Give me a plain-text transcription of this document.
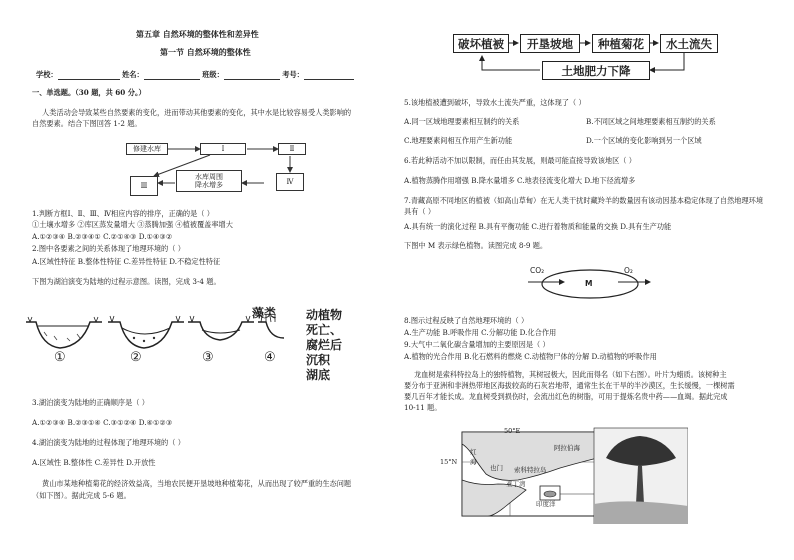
第五章 自然环境的整体性和差异性
第一节 自然环境的整体性
学校：	姓名：	班级：	考号：
一、单选题。（30 题，共 60 分。）
人类活动会导致某些自然要素的变化，进而带动其他要素的变化，其中水是比较容易受人类影响的
自然要素。结合下图回答 1-2 题。
修建水库	Ⅰ	Ⅱ
Ⅲ
水库周围
降水增多	Ⅳ
1.判断方框Ⅰ、Ⅱ、Ⅲ、Ⅳ相应内容的排序，正确的是（ ）
①土壤水增多 ②库区蒸发量增大 ③蒸腾加强 ④植被覆盖率增大
A.①②③④ B.②③④① C.②①④③ D.①④③②
2.图中各要素之间的关系体现了地理环境的（ ）
A.区域性特征 B.整体性特征 C.差异性特征 D.不稳定性特征
下图为湖泊演变为陆地的过程示意图。读图，完成 3-4 题。
藻类 动植物
死亡、
腐烂后
沉积
湖底
①	②	③	④
3.湖泊演变为陆地的正确顺序是（ ）
A.①②③④ B.②③①④ C.③①②④ D.④①②③
4.湖泊演变为陆地的过程体现了地理环境的（ ）
A.区域性 B.整体性 C.差异性 D.开放性
黄山市某地种植菊花的经济效益高，当地农民便开垦坡地种植菊花，从而出现了较严重的生态问题
（如下图）。据此完成 5-6 题。
破坏植被	开垦坡地	种植菊花	水土流失
土地肥力下降
5.该地植被遭到破坏，导致水土流失严重，这体现了（ ）
A.同一区域地理要素相互制约的关系	B.不同区域之间地理要素相互制约的关系
C.地理要素间相互作用产生新功能	D.一个区域的变化影响到另一个区域
6.若此种活动不加以限制，而任由其发展，则最可能直接导致该地区（ ）
A.植物蒸腾作用增强 B.降水量增多 C.地表径流变化增大 D.地下径流增多
7.青藏高原不同地区的植被（如高山草甸）在无人类干扰时藏羚羊的数量因有该动因基本稳定体现了自然地理环境
具有（ ）
A.具有统一的演化过程 B.具有平衡功能 C.进行着物质和能量的交换 D.具有生产功能
下图中 M 表示绿色植物。读图完成 8-9 题。
CO₂
M
O₂
8.图示过程反映了自然地理环境的（ ）
A.生产功能 B.呼吸作用 C.分解功能 D.化合作用
9.大气中二氧化碳含量增加的主要原因是（ ）
A.植物的光合作用 B.化石燃料的燃烧 C.动植物尸体的分解 D.动植物的呼吸作用
龙血树是索科特拉岛上的独特植物，其树冠极大，因此而得名（如下右图）。叶片为蜡质。该树种主
要分布于亚洲和非洲热带地区海拔较高的石灰岩地带，通常生长在干旱的半沙漠区，生长缓慢，一棵树需
要几百年才能长成。龙血树受到损伤时，会流出红色的树脂，可用于提炼名贵中药——血竭。据此完成
10-11 题。
50°E
15°N
阿拉伯海
红
海
也门
亚丁湾
索科特拉岛
印度洋
